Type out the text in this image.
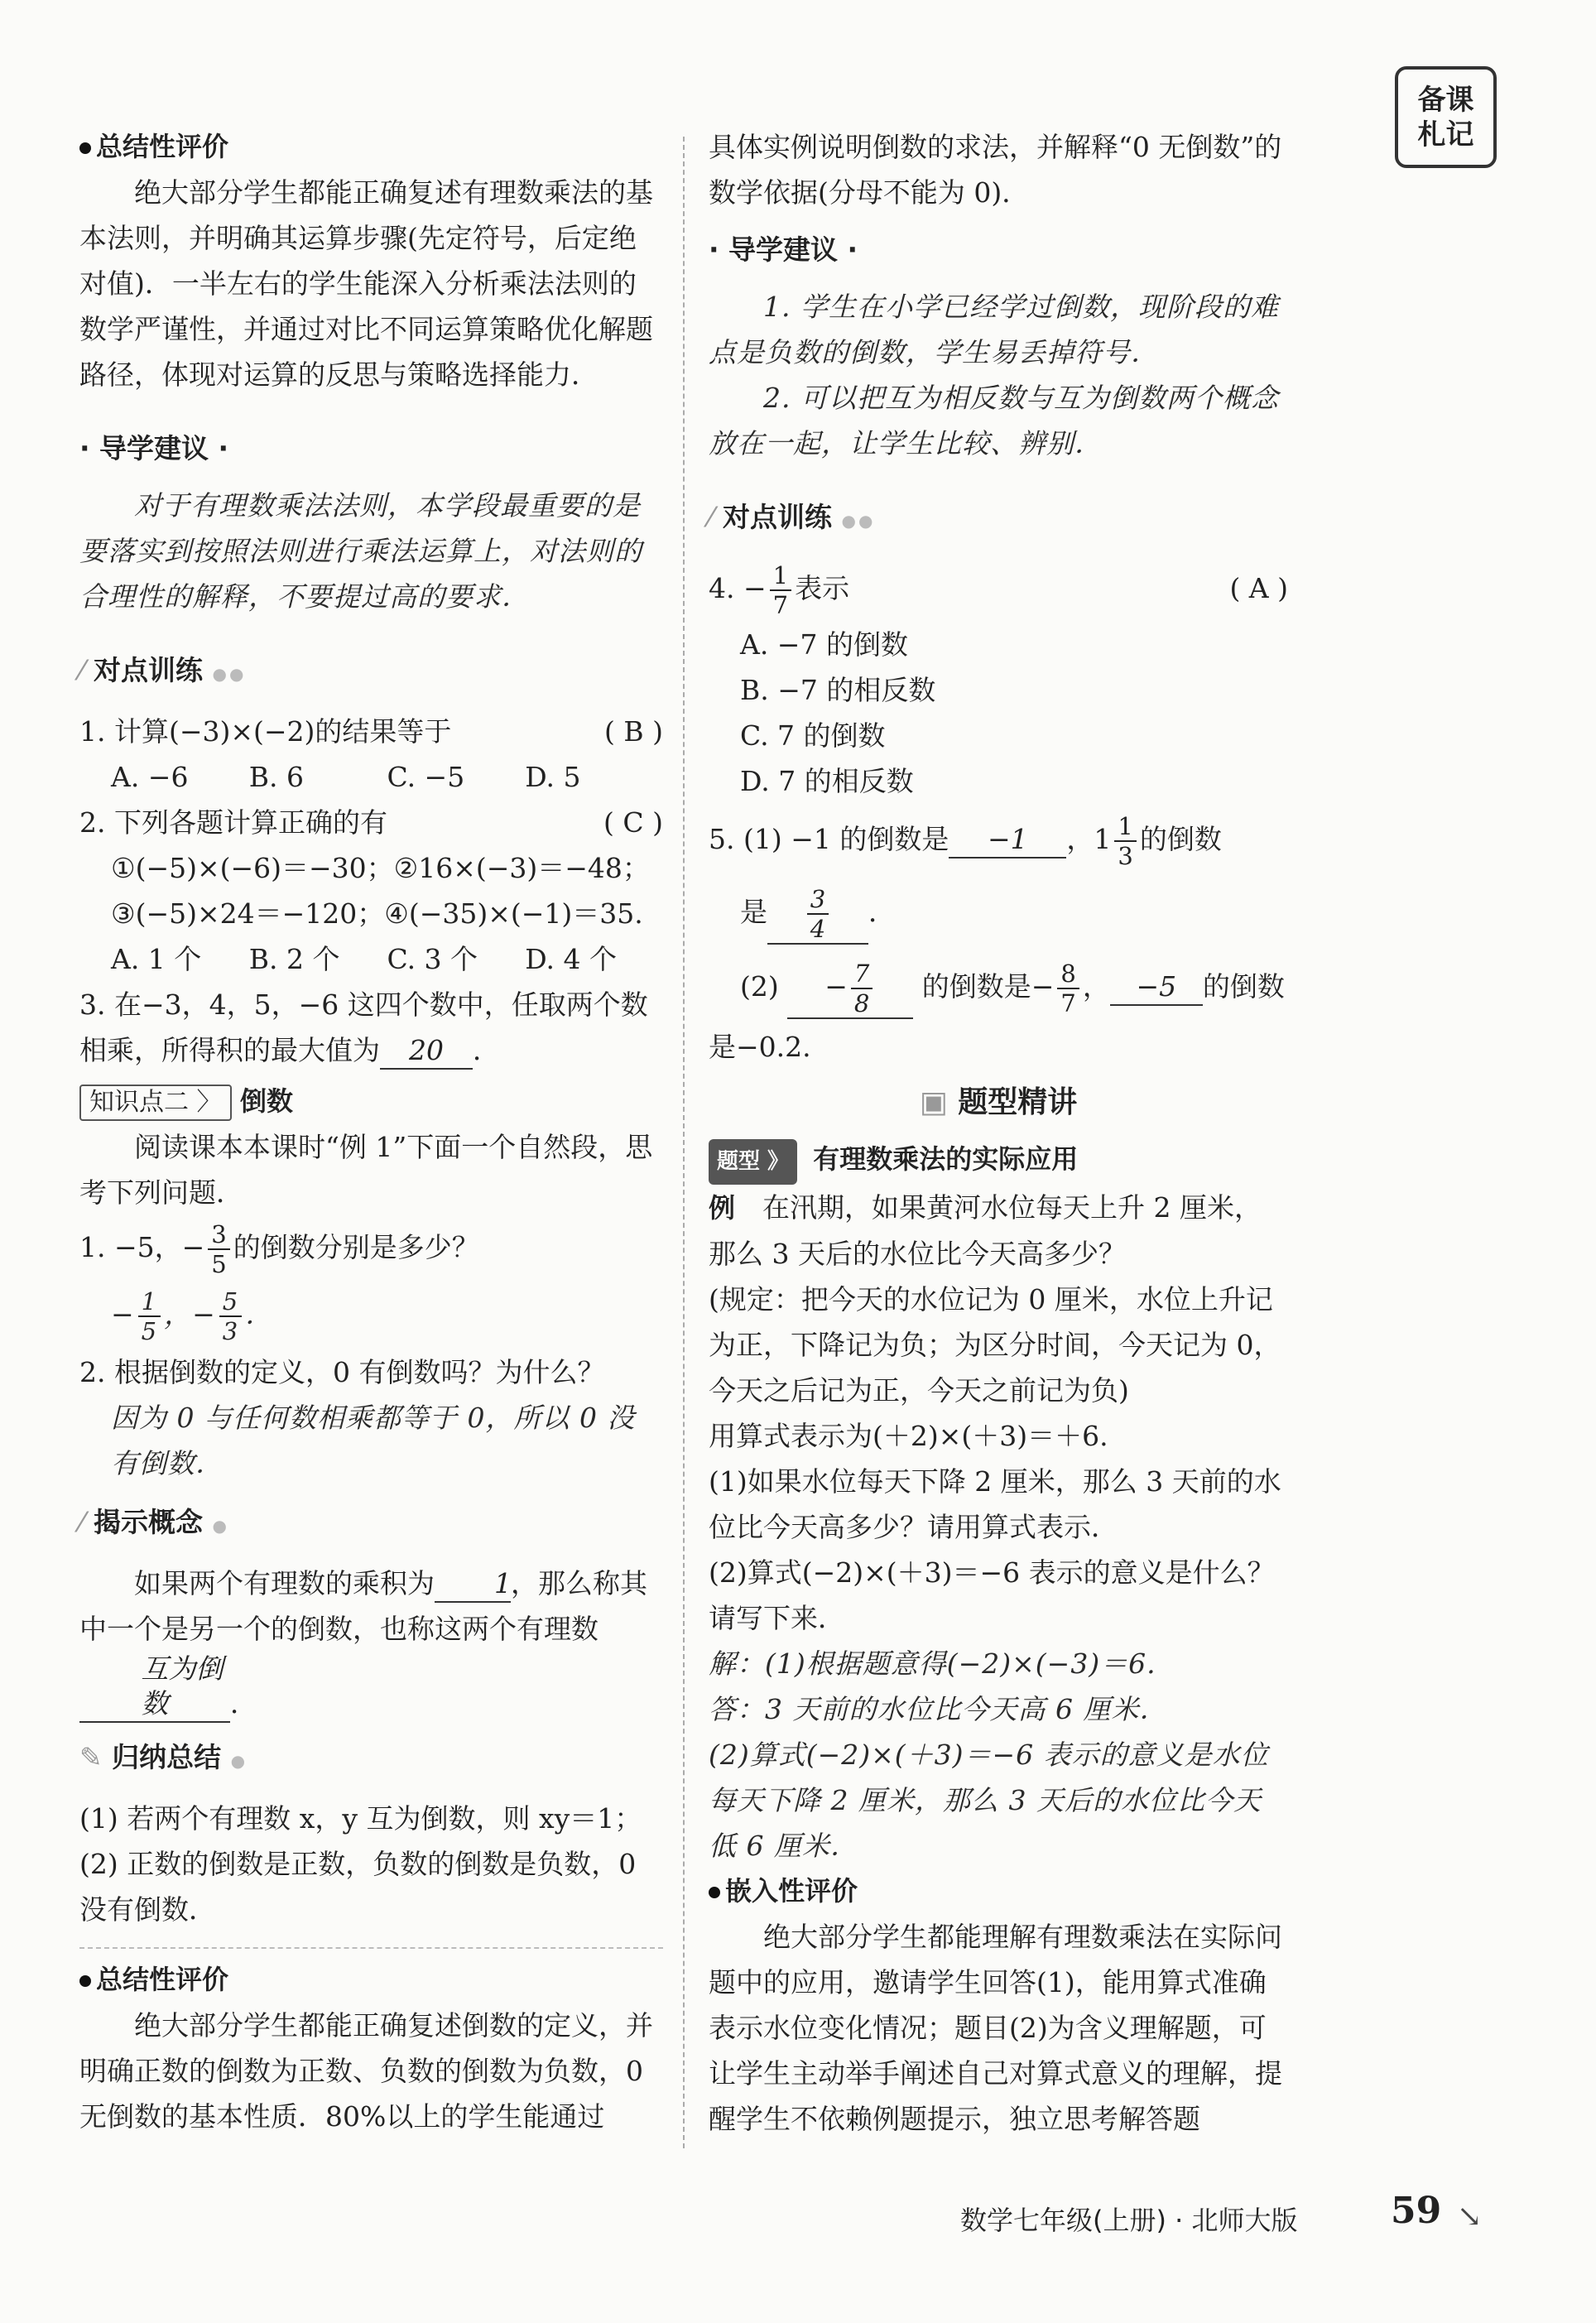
备课
札记

总结性评价

绝大部分学生都能正确复述有理数乘法的基本法则，并明确其运算步骤(先定符号，后定绝对值)．一半左右的学生能深入分析乘法法则的数学严谨性，并通过对比不同运算策略优化解题路径，体现对运算的反思与策略选择能力．

· 导学建议 ·

对于有理数乘法法则，本学段最重要的是要落实到按照法则进行乘法运算上，对法则的合理性的解释，不要提过高的要求．

⁄ 对点训练 ●●

1. 计算(−3)×(−2)的结果等于	( B )
A. −6	B. 6	C. −5	D. 5
2. 下列各题计算正确的有	( C )

①(−5)×(−6)＝−30；②16×(−3)＝−48；③(−5)×24＝−120；④(−35)×(−1)＝35.

A. 1 个	B. 2 个	C. 3 个	D. 4 个

3. 在−3，4，5，−6 这四个数中，任取两个数相乘，所得积的最大值为 20 ．

知识点二 〉 倒数

阅读课本本课时“例 1”下面一个自然段，思考下列问题．

1. −5，− $\frac{3}{5}$ 的倒数分别是多少？

− $\frac{1}{5}$ ，− $\frac{5}{3}$ ．

2. 根据倒数的定义，0 有倒数吗？为什么？

因为 0 与任何数相乘都等于 0，所以 0 没有倒数．

⁄ 揭示概念 ●

如果两个有理数的乘积为 1，那么称其中一个是另一个的倒数，也称这两个有理数互为倒数 ．

✎ 归纳总结 ●

(1) 若两个有理数 x，y 互为倒数，则 xy＝1；

(2) 正数的倒数是正数，负数的倒数是负数，0 没有倒数．

总结性评价

绝大部分学生都能正确复述倒数的定义，并明确正数的倒数为正数、负数的倒数为负数，0 无倒数的基本性质．80%以上的学生能通过

具体实例说明倒数的求法，并解释“0 无倒数”的数学依据(分母不能为 0)．

· 导学建议 ·

1. 学生在小学已经学过倒数，现阶段的难点是负数的倒数，学生易丢掉符号．

2. 可以把互为相反数与互为倒数两个概念放在一起，让学生比较、辨别．

⁄ 对点训练 ●●

4. − $\frac{1}{7}$ 表示	( A )

A. −7 的倒数

B. −7 的相反数

C. 7 的倒数

D. 7 的相反数

5. (1) −1 的倒数是 −1 ，$1 \frac{1}{3}$ 的倒数

是 $\frac{3}{4}$ ．

$(2) - \frac{7}{8}$ 的倒数是− $\frac{8}{7}$ ， −5 的倒数

是−0.2.

▣ 题型精讲

题型 》 有理数乘法的实际应用

例　 在汛期，如果黄河水位每天上升 2 厘米，那么 3 天后的水位比今天高多少？

(规定：把今天的水位记为 0 厘米，水位上升记为正，下降记为负；为区分时间，今天记为 0，今天之后记为正，今天之前记为负)

用算式表示为(＋2)×(＋3)＝＋6.

(1)如果水位每天下降 2 厘米，那么 3 天前的水位比今天高多少？请用算式表示．

(2)算式(−2)×(＋3)＝−6 表示的意义是什么？请写下来．

解：(1)根据题意得(−2)×(−3)＝6.

答：3 天前的水位比今天高 6 厘米．

(2)算式(−2)×(＋3)＝−6 表示的意义是水位每天下降 2 厘米，那么 3 天后的水位比今天低 6 厘米．

嵌入性评价

绝大部分学生都能理解有理数乘法在实际问题中的应用，邀请学生回答(1)，能用算式准确表示水位变化情况；题目(2)为含义理解题，可让学生主动举手阐述自己对算式意义的理解，提醒学生不依赖例题提示，独立思考解答题

数学七年级(上册) · 北师大版	59 ↘
